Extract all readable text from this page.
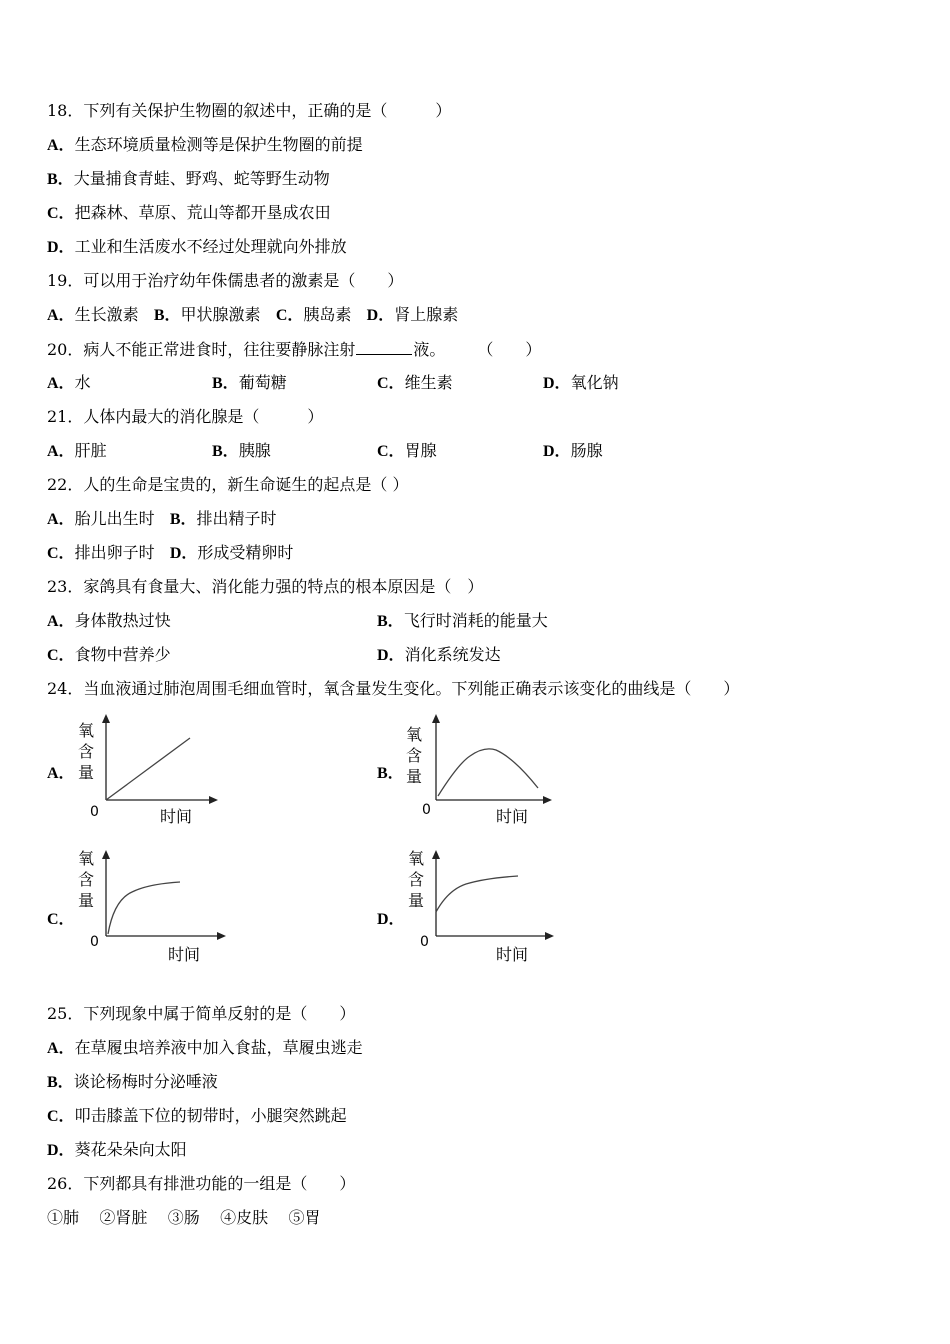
18．下列有关保护生物圈的叙述中，正确的是（　　　）
A．生态环境质量检测等是保护生物圈的前提
B．大量捕食青蛙、野鸡、蛇等野生动物
C．把森林、草原、荒山等都开垦成农田
D．工业和生活废水不经过处理就向外排放
19．可以用于治疗幼年侏儒患者的激素是（　　）
A．生长激素 B．甲状腺激素 C．胰岛素 D．肾上腺素
20．病人不能正常进食时，往往要静脉注射	液。　　　（　　）
A．水	B．葡萄糖	C．维生素	D．氧化钠
21．人体内最大的消化腺是（　　　）
A．肝脏	B．胰腺	C．胃腺	D．肠腺
22．人的生命是宝贵的，新生命诞生的起点是（ ）
A．胎儿出生时 B．排出精子时
C．排出卵子时 D．形成受精卵时
23．家鸽具有食量大、消化能力强的特点的根本原因是（　）
A．身体散热过快	B．飞行时消耗的能量大
C．食物中营养少	D．消化系统发达
24．当血液通过肺泡周围毛细血管时，氧含量发生变化。下列能正确表示该变化的曲线是（　　）
A．
氧
含
量
0	时间
B．
氧
含
量
0	时间
C．
氧
含
量
0
时间
D．
氧
含
量
0
时间
25．下列现象中属于简单反射的是（　　）
A．在草履虫培养液中加入食盐，草履虫逃走
B．谈论杨梅时分泌唾液
C．叩击膝盖下位的韧带时，小腿突然跳起
D．葵花朵朵向太阳
26．下列都具有排泄功能的一组是（　　）
①肺 ②肾脏 ③肠 ④皮肤 ⑤胃
